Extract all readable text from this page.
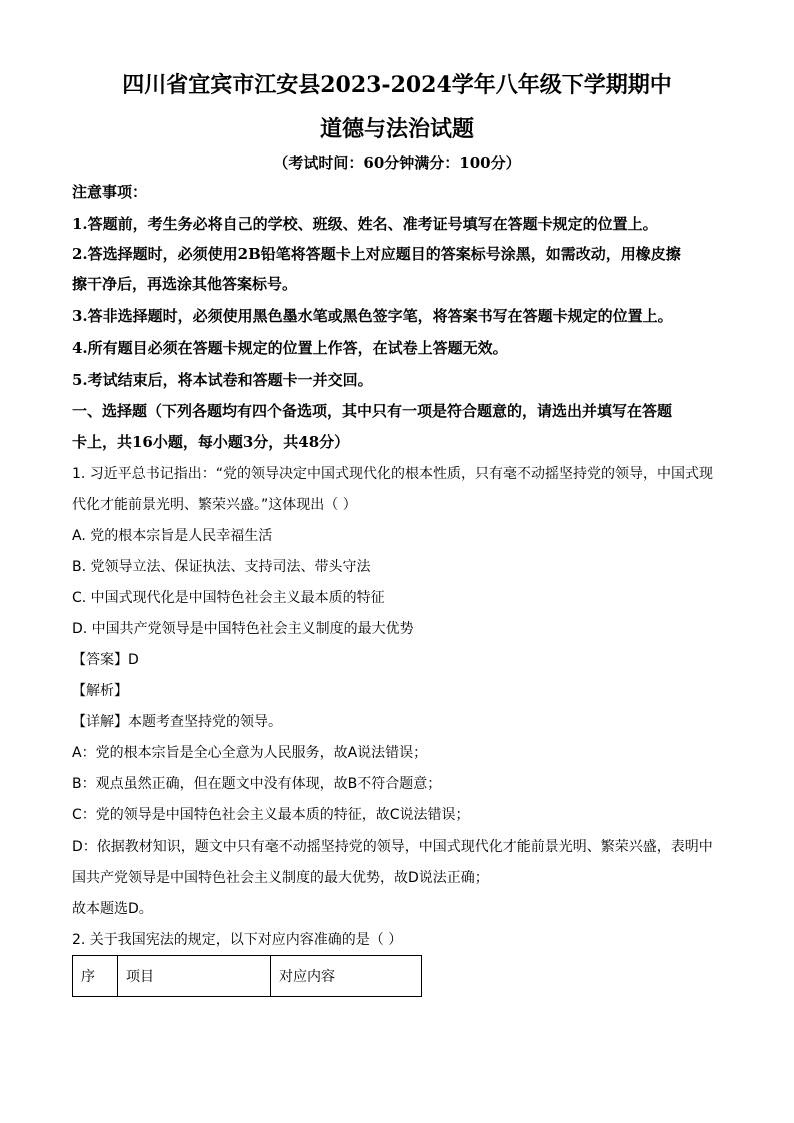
四川省宜宾市江安县2023-2024学年八年级下学期期中
道德与法治试题
（考试时间：60分钟满分：100分）
注意事项：
1.答题前，考生务必将自己的学校、班级、姓名、准考证号填写在答题卡规定的位置上。
2.答选择题时，必须使用2B铅笔将答题卡上对应题目的答案标号涂黑，如需改动，用橡皮擦
擦干净后，再选涂其他答案标号。
3.答非选择题时，必须使用黑色墨水笔或黑色签字笔，将答案书写在答题卡规定的位置上。
4.所有题目必须在答题卡规定的位置上作答，在试卷上答题无效。
5.考试结束后，将本试卷和答题卡一并交回。
一、选择题（下列各题均有四个备选项，其中只有一项是符合题意的，请选出并填写在答题
卡上，共16小题，每小题3分，共48分）
1. 习近平总书记指出：“党的领导决定中国式现代化的根本性质，只有毫不动摇坚持党的领导，中国式现
代化才能前景光明、繁荣兴盛。”这体现出（ ）
A. 党的根本宗旨是人民幸福生活
B. 党领导立法、保证执法、支持司法、带头守法
C. 中国式现代化是中国特色社会主义最本质的特征
D. 中国共产党领导是中国特色社会主义制度的最大优势
【答案】D
【解析】
【详解】本题考查坚持党的领导。
A：党的根本宗旨是全心全意为人民服务，故A说法错误；
B：观点虽然正确，但在题文中没有体现，故B不符合题意；
C：党的领导是中国特色社会主义最本质的特征，故C说法错误；
D：依据教材知识，题文中只有毫不动摇坚持党的领导，中国式现代化才能前景光明、繁荣兴盛，表明中
国共产党领导是中国特色社会主义制度的最大优势，故D说法正确；
故本题选D。
2. 关于我国宪法的规定，以下对应内容准确的是（ ）
序	项目	对应内容
